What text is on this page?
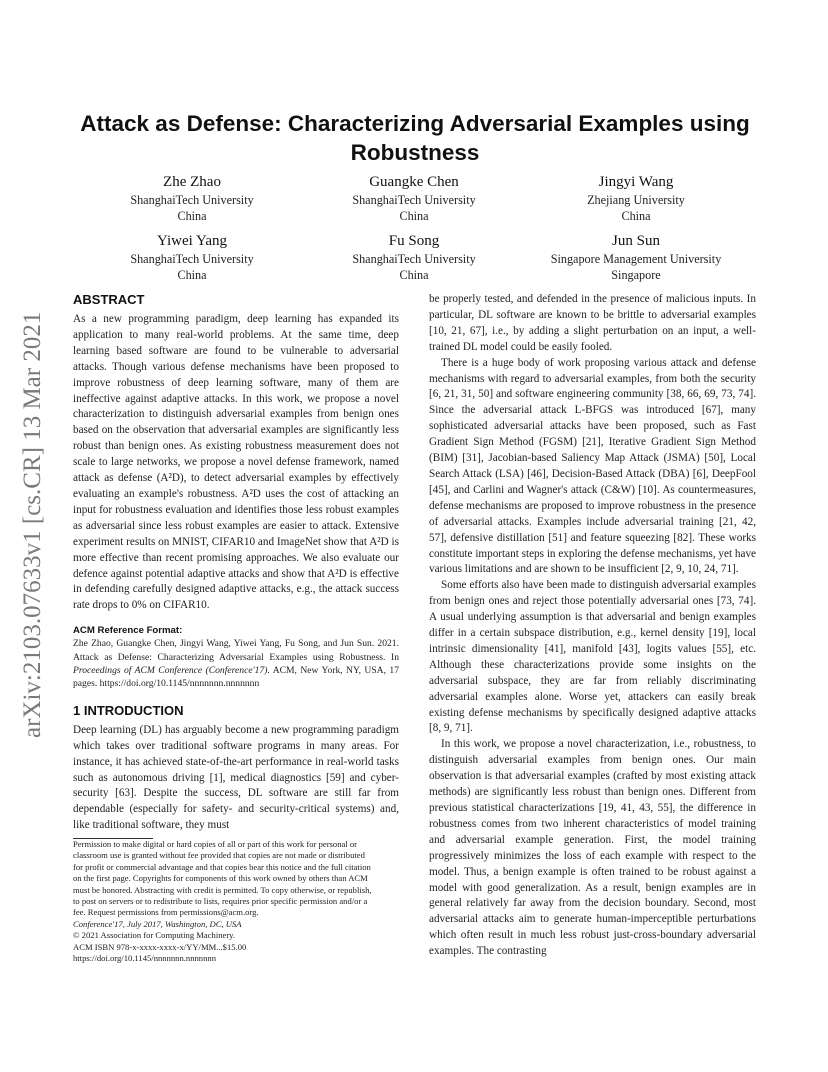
arXiv:2103.07633v1 [cs.CR] 13 Mar 2021
Attack as Defense: Characterizing Adversarial Examples using
Robustness
Zhe Zhao
ShanghaiTech University
China
Guangke Chen
ShanghaiTech University
China
Jingyi Wang
Zhejiang University
China
Yiwei Yang
ShanghaiTech University
China
Fu Song
ShanghaiTech University
China
Jun Sun
Singapore Management University
Singapore
ABSTRACT

As a new programming paradigm, deep learning has expanded its application to many real-world problems. At the same time, deep learning based software are found to be vulnerable to adversarial attacks. Though various defense mechanisms have been proposed to improve robustness of deep learning software, many of them are ineffective against adaptive attacks. In this work, we propose a novel characterization to distinguish adversarial examples from benign ones based on the observation that adversarial examples are significantly less robust than benign ones. As existing robustness measurement does not scale to large networks, we propose a novel defense framework, named attack as defense (A²D), to detect adversarial examples by effectively evaluating an example's robustness. A²D uses the cost of attacking an input for robustness evaluation and identifies those less robust examples as adversarial since less robust examples are easier to attack. Extensive experiment results on MNIST, CIFAR10 and ImageNet show that A²D is more effective than recent promising approaches. We also evaluate our defence against potential adaptive attacks and show that A²D is effective in defending carefully designed adaptive attacks, e.g., the attack success rate drops to 0% on CIFAR10.

ACM Reference Format:

Zhe Zhao, Guangke Chen, Jingyi Wang, Yiwei Yang, Fu Song, and Jun Sun. 2021. Attack as Defense: Characterizing Adversarial Examples using Robustness. In Proceedings of ACM Conference (Conference'17). ACM, New York, NY, USA, 17 pages. https://doi.org/10.1145/nnnnnnn.nnnnnnn

1 INTRODUCTION

Deep learning (DL) has arguably become a new programming paradigm which takes over traditional software programs in many areas. For instance, it has achieved state-of-the-art performance in real-world tasks such as autonomous driving [1], medical diagnostics [59] and cyber-security [63]. Despite the success, DL software are still far from dependable (especially for safety- and security-critical systems) and, like traditional software, they must

Permission to make digital or hard copies of all or part of this work for personal or
classroom use is granted without fee provided that copies are not made or distributed
for profit or commercial advantage and that copies bear this notice and the full citation
on the first page. Copyrights for components of this work owned by others than ACM
must be honored. Abstracting with credit is permitted. To copy otherwise, or republish,
to post on servers or to redistribute to lists, requires prior specific permission and/or a
fee. Request permissions from permissions@acm.org.
Conference'17, July 2017, Washington, DC, USA
© 2021 Association for Computing Machinery.
ACM ISBN 978-x-xxxx-xxxx-x/YY/MM...$15.00
https://doi.org/10.1145/nnnnnnn.nnnnnnn

be properly tested, and defended in the presence of malicious inputs. In particular, DL software are known to be brittle to adversarial examples [10, 21, 67], i.e., by adding a slight perturbation on an input, a well-trained DL model could be easily fooled.

There is a huge body of work proposing various attack and defense mechanisms with regard to adversarial examples, from both the security [6, 21, 31, 50] and software engineering community [38, 66, 69, 73, 74]. Since the adversarial attack L-BFGS was introduced [67], many sophisticated adversarial attacks have been proposed, such as Fast Gradient Sign Method (FGSM) [21], Iterative Gradient Sign Method (BIM) [31], Jacobian-based Saliency Map Attack (JSMA) [50], Local Search Attack (LSA) [46], Decision-Based Attack (DBA) [6], DeepFool [45], and Carlini and Wagner's attack (C&W) [10]. As countermeasures, defense mechanisms are proposed to improve robustness in the presence of adversarial attacks. Examples include adversarial training [21, 42, 57], defensive distillation [51] and feature squeezing [82]. These works constitute important steps in exploring the defense mechanisms, yet have various limitations and are shown to be insufficient [2, 9, 10, 24, 71].

Some efforts also have been made to distinguish adversarial examples from benign ones and reject those potentially adversarial ones [73, 74]. A usual underlying assumption is that adversarial and benign examples differ in a certain subspace distribution, e.g., kernel density [19], local intrinsic dimensionality [41], manifold [43], logits values [55], etc. Although these characterizations provide some insights on the adversarial subspace, they are far from reliably discriminating adversarial examples alone. Worse yet, attackers can easily break existing defense mechanisms by specifically designed adaptive attacks [8, 9, 71].

In this work, we propose a novel characterization, i.e., robustness, to distinguish adversarial examples from benign ones. Our main observation is that adversarial examples (crafted by most existing attack methods) are significantly less robust than benign ones. Different from previous statistical characterizations [19, 41, 43, 55], the difference in robustness comes from two inherent characteristics of model training and adversarial example generation. First, the model training progressively minimizes the loss of each example with respect to the model. Thus, a benign example is often trained to be robust against a model with good generalization. As a result, benign examples are in general relatively far away from the decision boundary. Second, most adversarial attacks aim to generate human-imperceptible perturbations which often result in much less robust just-cross-boundary adversarial examples. The contrasting
